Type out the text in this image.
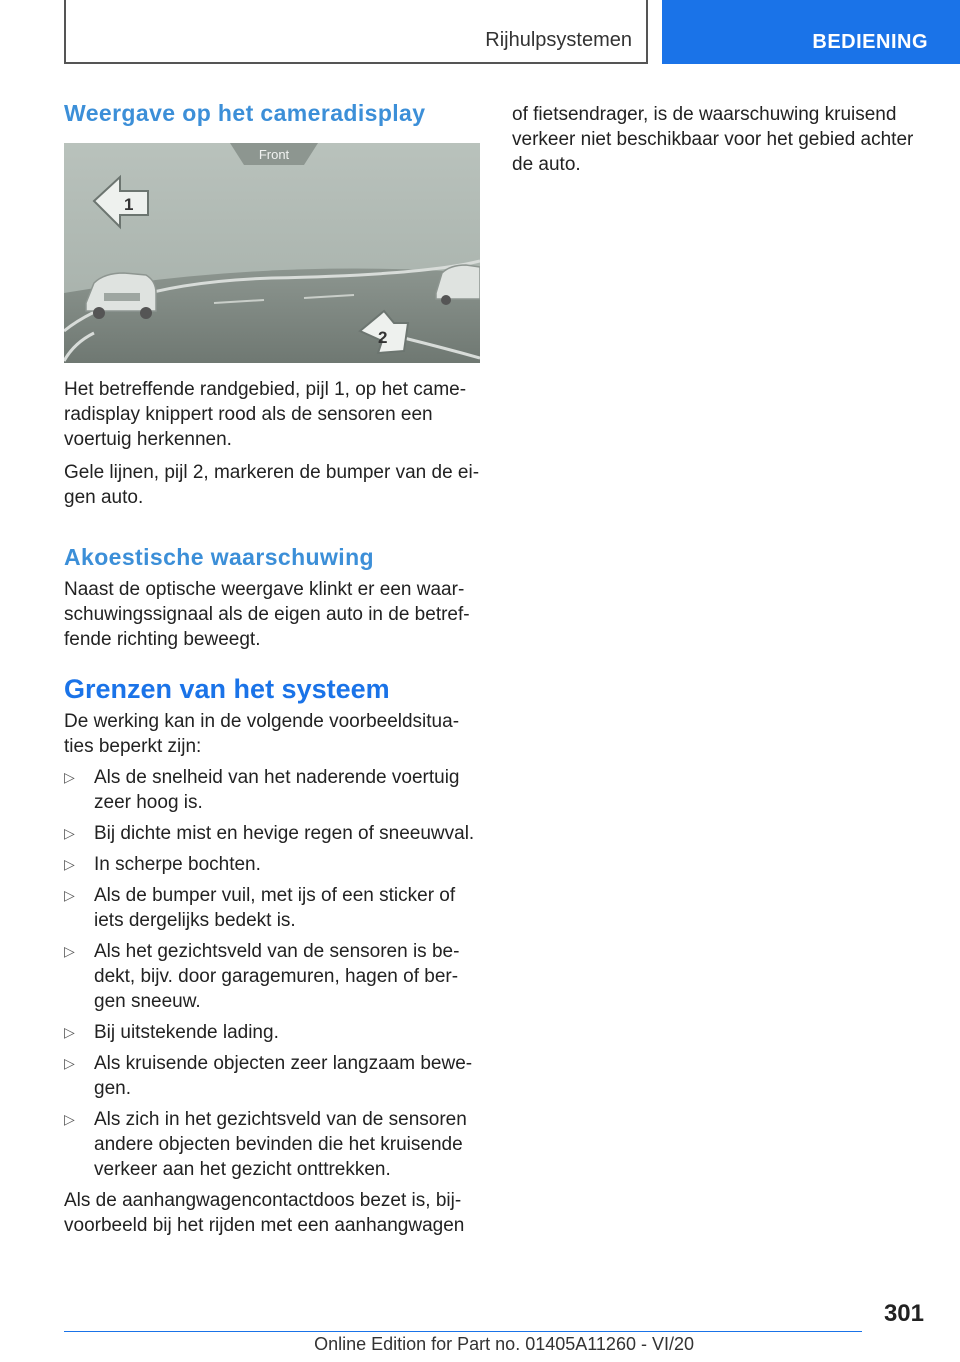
Rijhulpsystemen	BEDIENING
Weergave op het cameradisplay
Front
1
2

Het betreffende randgebied, pijl 1, op het cameradisplay knippert rood als de sensoren een voertuig herkennen.

Gele lijnen, pijl 2, markeren de bumper van de eigen auto.

Akoestische waarschuwing

Naast de optische weergave klinkt er een waarschuwingssignaal als de eigen auto in de betreffende richting beweegt.

Grenzen van het systeem

De werking kan in de volgende voorbeeldsituaties beperkt zijn:

▷ Als de snelheid van het naderende voertuig zeer hoog is.
▷ Bij dichte mist en hevige regen of sneeuwval.
▷ In scherpe bochten.
▷ Als de bumper vuil, met ijs of een sticker of iets dergelijks bedekt is.
▷ Als het gezichtsveld van de sensoren is bedekt, bijv. door garagemuren, hagen of bergen sneeuw.
▷ Bij uitstekende lading.
▷ Als kruisende objecten zeer langzaam bewegen.
▷ Als zich in het gezichtsveld van de sensoren andere objecten bevinden die het kruisende verkeer aan het gezicht onttrekken.

Als de aanhangwagencontactdoos bezet is, bijvoorbeeld bij het rijden met een aanhangwagen

of fietsendrager, is de waarschuwing kruisend verkeer niet beschikbaar voor het gebied achter de auto.

301
Online Edition for Part no. 01405A11260 - VI/20
